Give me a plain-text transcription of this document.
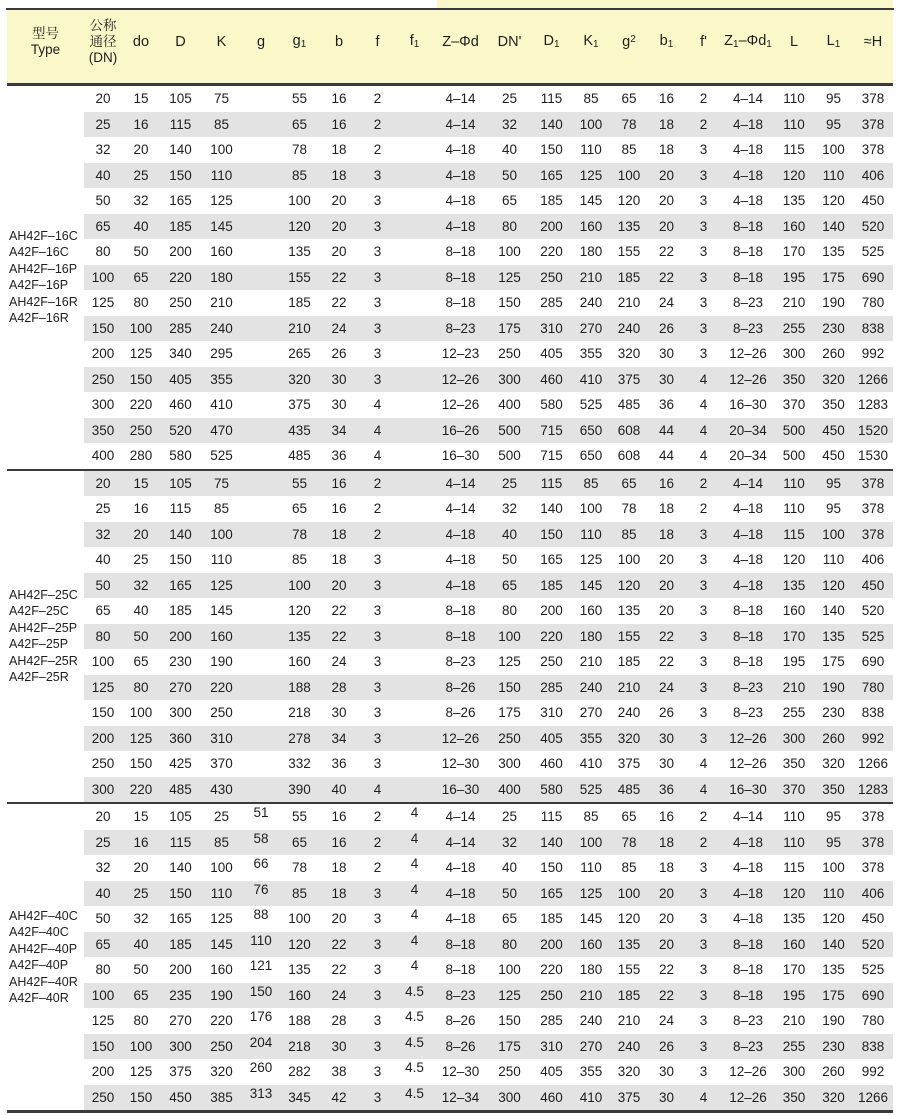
型号
Type

公称
通径
(DN)
	do	D	K	g	$g_1$	b	f	$f_1$	Z–Φd	DN'	$D_1$	$K_1$	$g^2$	$b_1$	f'	$Z_1-\Phi d_1$	L	$L_1$	≈H

AH42F–16C
A42F–16C
AH42F–16P
A42F–16P
AH42F–16R
A42F–16R
	20	15	105	75		55	16	2		4–14	25	115	85	65	16	2	4–14	110	95	378
	25	16	115	85		65	16	2		4–14	32	140	100	78	18	2	4–18	110	95	378
	32	20	140	100		78	18	2		4–18	40	150	110	85	18	3	4–18	115	100	378
	40	25	150	110		85	18	3		4–18	50	165	125	100	20	3	4–18	120	110	406
	50	32	165	125		100	20	3		4–18	65	185	145	120	20	3	4–18	135	120	450
	65	40	185	145		120	20	3		4–18	80	200	160	135	20	3	8–18	160	140	520
	80	50	200	160		135	20	3		8–18	100	220	180	155	22	3	8–18	170	135	525
	100	65	220	180		155	22	3		8–18	125	250	210	185	22	3	8–18	195	175	690
	125	80	250	210		185	22	3		8–18	150	285	240	210	24	3	8–23	210	190	780
	150	100	285	240		210	24	3		8–23	175	310	270	240	26	3	8–23	255	230	838
	200	125	340	295		265	26	3		12–23	250	405	355	320	30	3	12–26	300	260	992
	250	150	405	355		320	30	3		12–26	300	460	410	375	30	4	12–26	350	320	1266
	300	220	460	410		375	30	4		12–26	400	580	525	485	36	4	16–30	370	350	1283
	350	250	520	470		435	34	4		16–26	500	715	650	608	44	4	20–34	500	450	1520
	400	280	580	525		485	36	4		16–30	500	715	650	608	44	4	20–34	500	450	1530

AH42F–25C
A42F–25C
AH42F–25P
A42F–25P
AH42F–25R
A42F–25R
	20	15	105	75		55	16	2		4–14	25	115	85	65	16	2	4–14	110	95	378
	25	16	115	85		65	16	2		4–14	32	140	100	78	18	2	4–18	110	95	378
	32	20	140	100		78	18	2		4–18	40	150	110	85	18	3	4–18	115	100	378
	40	25	150	110		85	18	3		4–18	50	165	125	100	20	3	4–18	120	110	406
	50	32	165	125		100	20	3		4–18	65	185	145	120	20	3	4–18	135	120	450
	65	40	185	145		120	22	3		8–18	80	200	160	135	20	3	8–18	160	140	520
	80	50	200	160		135	22	3		8–18	100	220	180	155	22	3	8–18	170	135	525
	100	65	230	190		160	24	3		8–23	125	250	210	185	22	3	8–18	195	175	690
	125	80	270	220		188	28	3		8–26	150	285	240	210	24	3	8–23	210	190	780
	150	100	300	250		218	30	3		8–26	175	310	270	240	26	3	8–23	255	230	838
	200	125	360	310		278	34	3		12–26	250	405	355	320	30	3	12–26	300	260	992
	250	150	425	370		332	36	3		12–30	300	460	410	375	30	4	12–26	350	320	1266
	300	220	485	430		390	40	4		16–30	400	580	525	485	36	4	16–30	370	350	1283

AH42F–40C
A42F–40C
AH42F–40P
A42F–40P
AH42F–40R
A42F–40R
	20	15	105	25	51	55	16	2	4	4–14	25	115	85	65	16	2	4–14	110	95	378
	25	16	115	85	58	65	16	2	4	4–14	32	140	100	78	18	2	4–18	110	95	378
	32	20	140	100	66	78	18	2	4	4–18	40	150	110	85	18	3	4–18	115	100	378
	40	25	150	110	76	85	18	3	4	4–18	50	165	125	100	20	3	4–18	120	110	406
	50	32	165	125	88	100	20	3	4	4–18	65	185	145	120	20	3	4–18	135	120	450
	65	40	185	145	110	120	22	3	4	8–18	80	200	160	135	20	3	8–18	160	140	520
	80	50	200	160	121	135	22	3	4	8–18	100	220	180	155	22	3	8–18	170	135	525
	100	65	235	190	150	160	24	3	4.5	8–23	125	250	210	185	22	3	8–18	195	175	690
	125	80	270	220	176	188	28	3	4.5	8–26	150	285	240	210	24	3	8–23	210	190	780
	150	100	300	250	204	218	30	3	4.5	8–26	175	310	270	240	26	3	8–23	255	230	838
	200	125	375	320	260	282	38	3	4.5	12–30	250	405	355	320	30	3	12–26	300	260	992
	250	150	450	385	313	345	42	3	4.5	12–34	300	460	410	375	30	4	12–26	350	320	1266
